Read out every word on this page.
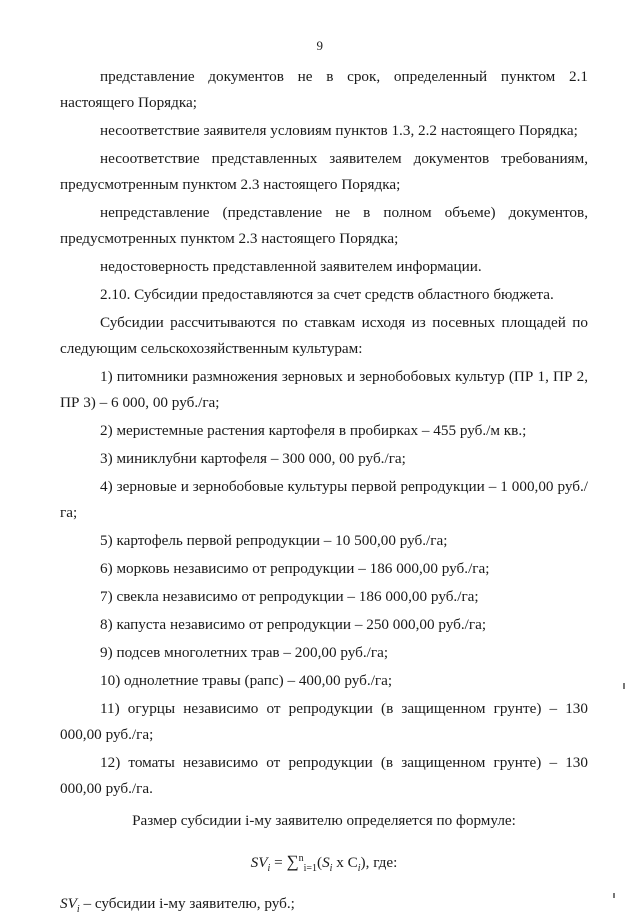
9

представление документов не в срок, определенный пунктом 2.1 настоящего Порядка;

несоответствие заявителя условиям пунктов 1.3, 2.2 настоящего Порядка;

несоответствие представленных заявителем документов требованиям, предусмотренным пунктом 2.3 настоящего Порядка;

непредставление (представление не в полном объеме) документов, предусмотренных пунктом 2.3 настоящего Порядка;

недостоверность представленной заявителем информации.

2.10. Субсидии предоставляются за счет средств областного бюджета.

Субсидии рассчитываются по ставкам исходя из посевных площадей по следующим сельскохозяйственным культурам:

1) питомники размножения зерновых и зернобобовых культур (ПР 1, ПР 2, ПР 3) – 6 000, 00 руб./га;

2) меристемные растения картофеля в пробирках – 455 руб./м кв.;

3) миниклубни картофеля – 300 000, 00 руб./га;

4) зерновые и зернобобовые культуры первой репродукции – 1 000,00 руб./га;

5) картофель первой репродукции – 10 500,00 руб./га;

6) морковь независимо от репродукции – 186 000,00 руб./га;

7) свекла независимо от репродукции – 186 000,00 руб./га;

8) капуста независимо от репродукции – 250 000,00 руб./га;

9) подсев многолетних трав – 200,00 руб./га;

10) однолетние травы (рапс) – 400,00 руб./га;

11) огурцы независимо от репродукции (в защищенном грунте) – 130 000,00 руб./га;

12) томаты независимо от репродукции (в защищенном грунте) – 130 000,00 руб./га.

Размер субсидии i-му заявителю определяется по формуле:

$SV_i = \sum^n_{i=1}(S_i$ x $C_i$), где:

$SV_i$ – субсидии i-му заявителю, руб.;
